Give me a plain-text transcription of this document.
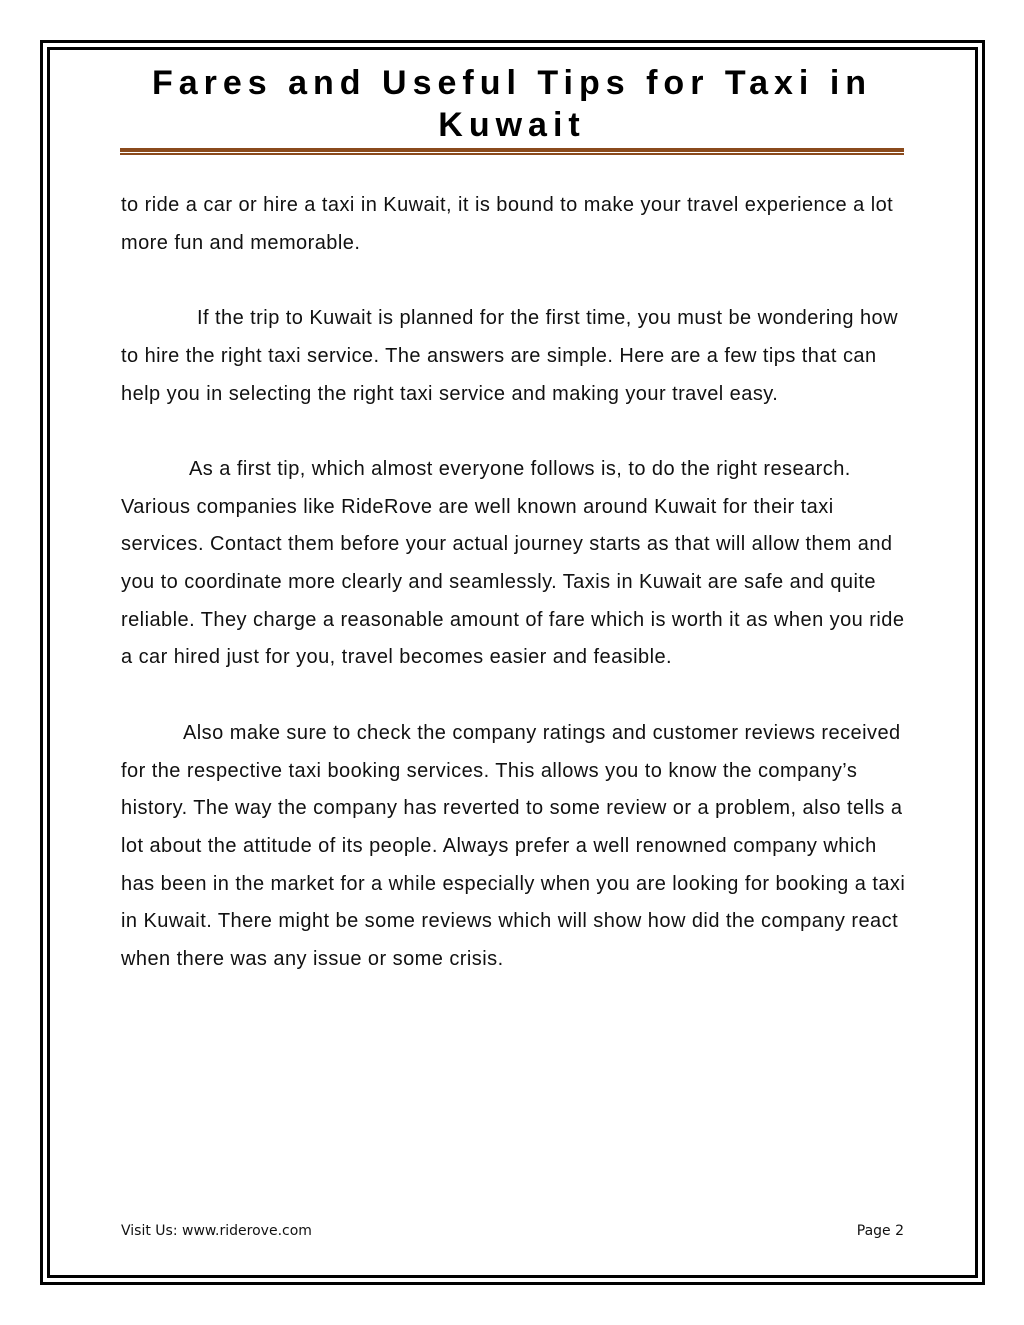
Fares and Useful Tips for Taxi in Kuwait

to ride a car or hire a taxi in Kuwait, it is bound to make your travel experience a lot more fun and memorable.

If the trip to Kuwait is planned for the first time, you must be wondering how to hire the right taxi service. The answers are simple. Here are a few tips that can help you in selecting the right taxi service and making your travel easy.

As a first tip, which almost everyone follows is, to do the right research. Various companies like RideRove are well known around Kuwait for their taxi services. Contact them before your actual journey starts as that will allow them and you to coordinate more clearly and seamlessly. Taxis in Kuwait are safe and quite reliable. They charge a reasonable amount of fare which is worth it as when you ride a car hired just for you, travel becomes easier and feasible.

Also make sure to check the company ratings and customer reviews received for the respective taxi booking services. This allows you to know the company’s history. The way the company has reverted to some review or a problem, also tells a lot about the attitude of its people. Always prefer a well renowned company which has been in the market for a while especially when you are looking for booking a taxi in Kuwait. There might be some reviews which will show how did the company react when there was any issue or some crisis.

Visit Us: www.riderove.com	Page 2
